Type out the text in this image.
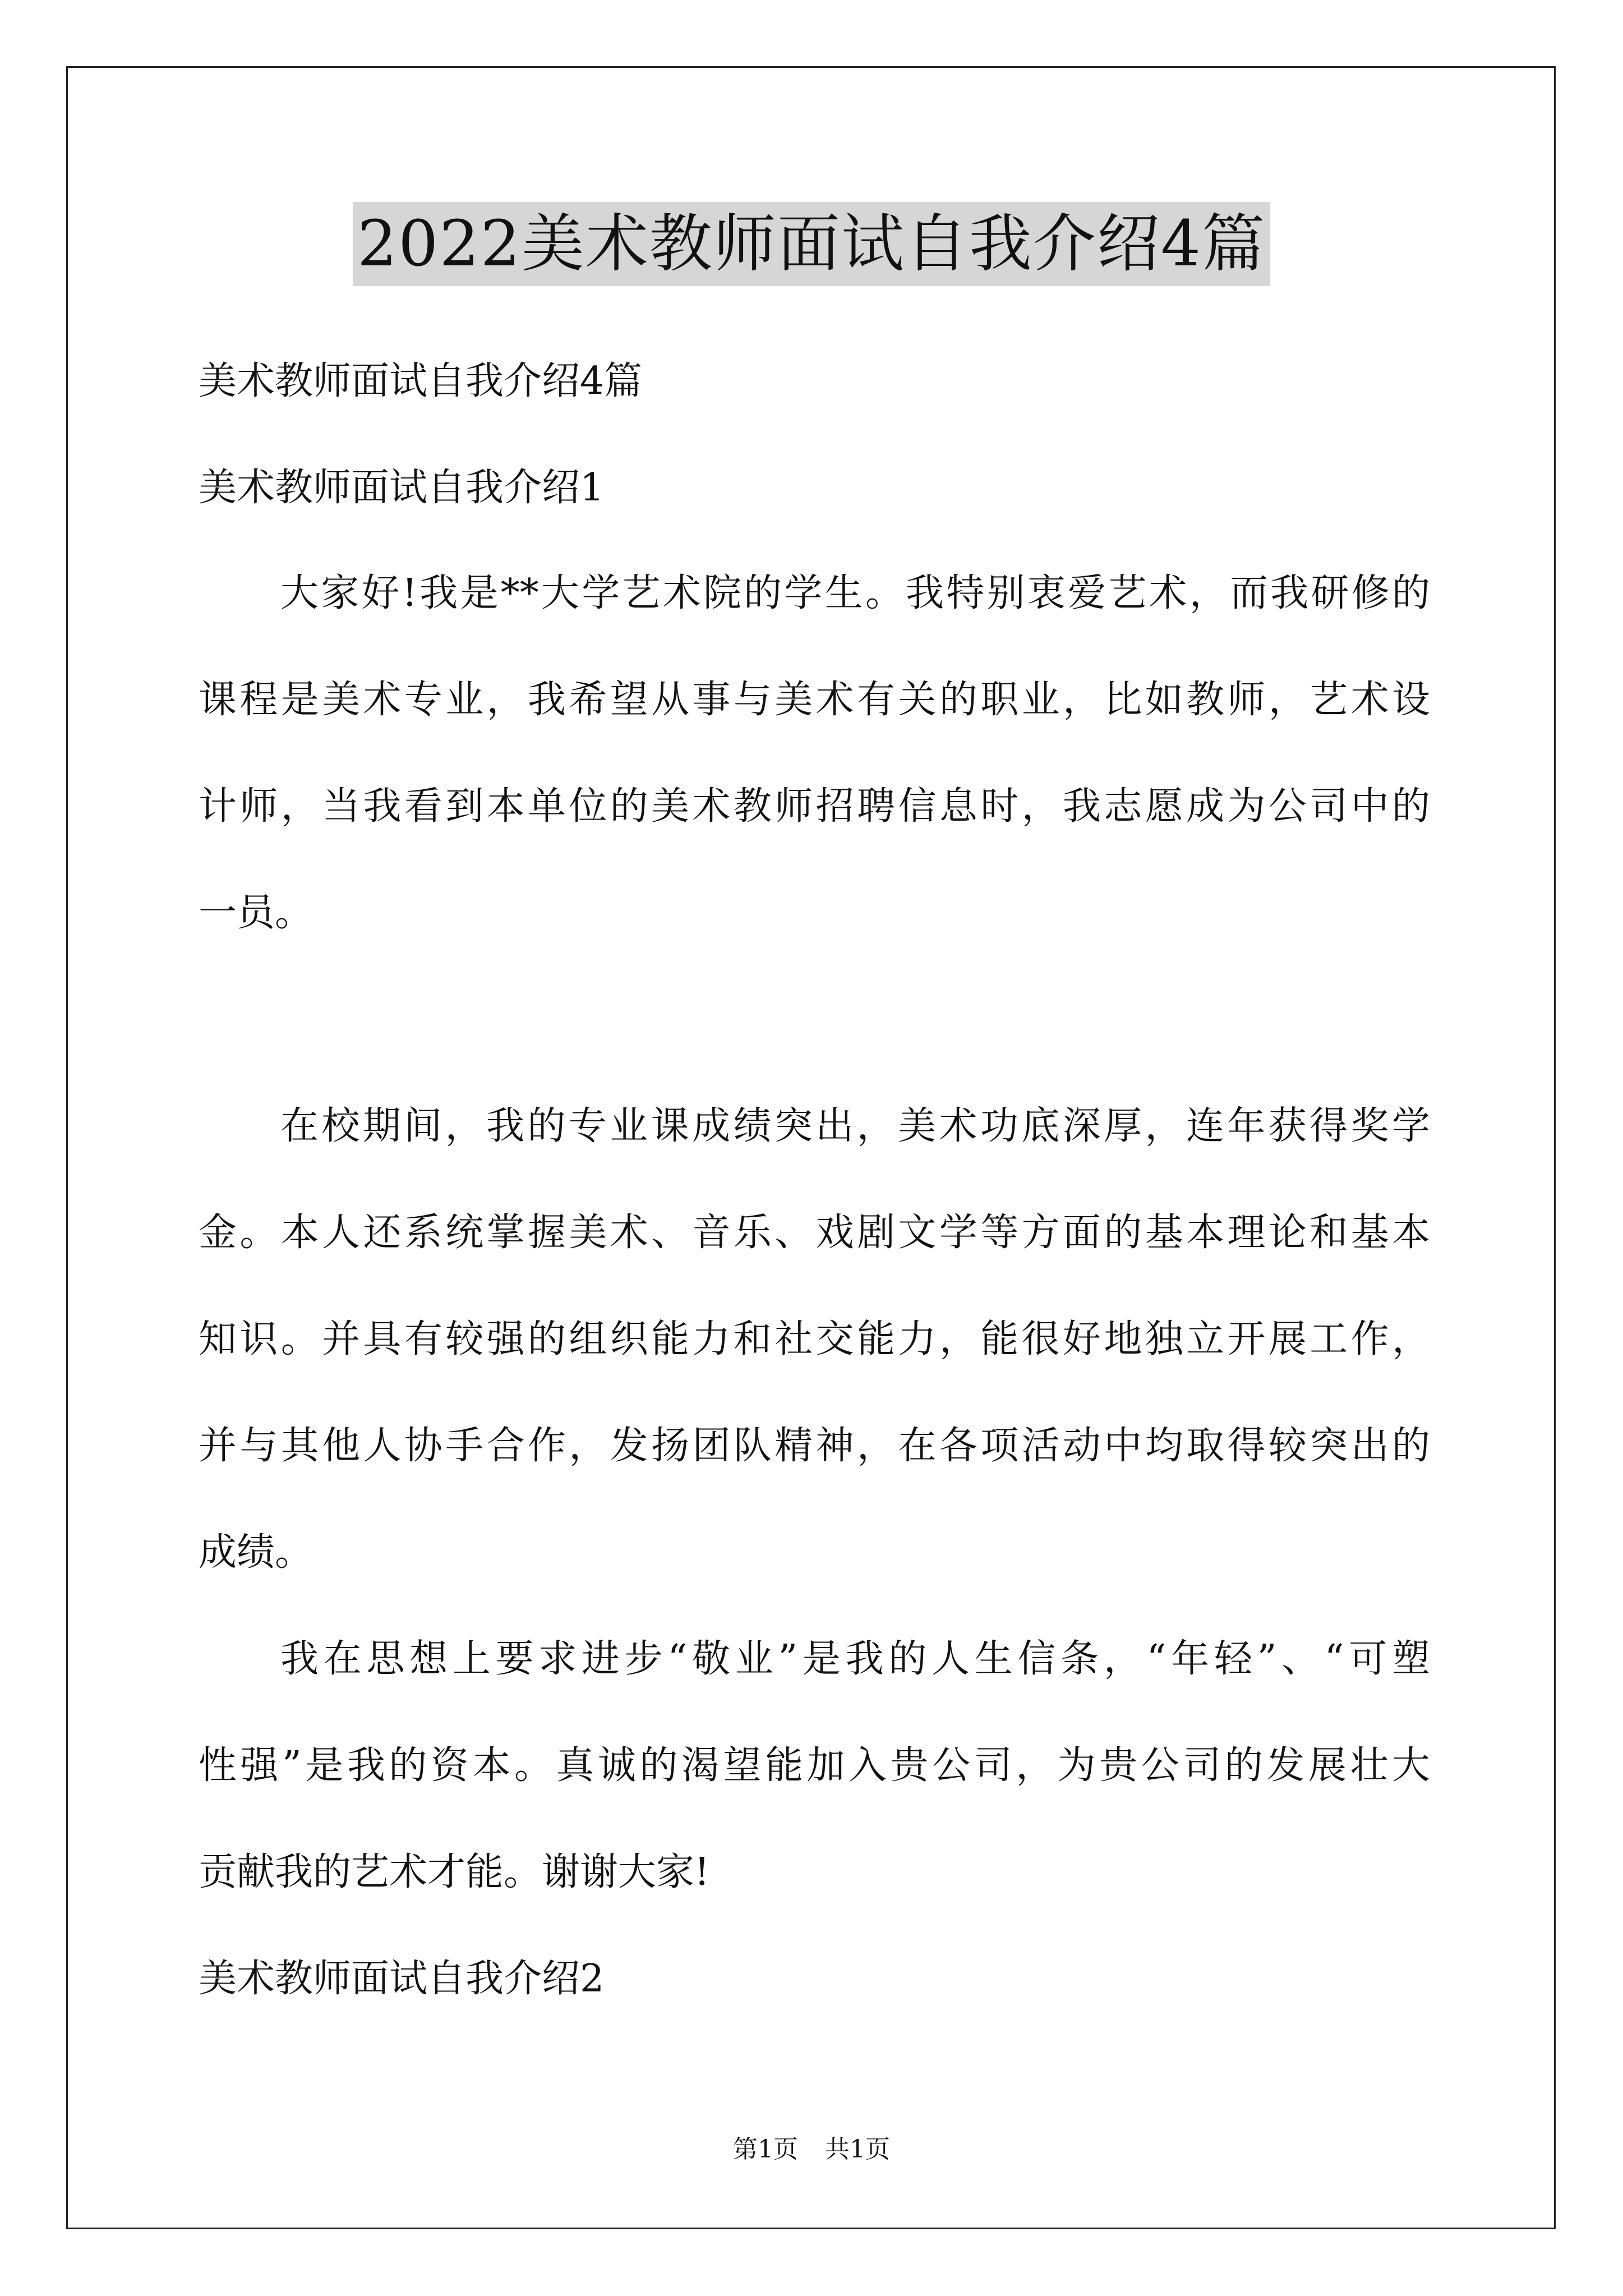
2022美术教师面试自我介绍4篇
美术教师面试自我介绍4篇
美术教师面试自我介绍1
大家好!我是**大学艺术院的学生。我特别衷爱艺术，而我研修的
课程是美术专业，我希望从事与美术有关的职业，比如教师，艺术设
计师，当我看到本单位的美术教师招聘信息时，我志愿成为公司中的
一员。
在校期间，我的专业课成绩突出，美术功底深厚，连年获得奖学
金。本人还系统掌握美术、音乐、戏剧文学等方面的基本理论和基本
知识。并具有较强的组织能力和社交能力，能很好地独立开展工作，
并与其他人协手合作，发扬团队精神，在各项活动中均取得较突出的
成绩。
我在思想上要求进步“敬业”是我的人生信条，“年轻”、“可塑
性强”是我的资本。真诚的渴望能加入贵公司，为贵公司的发展壮大
贡献我的艺术才能。谢谢大家!
美术教师面试自我介绍2
第1页 共1页
